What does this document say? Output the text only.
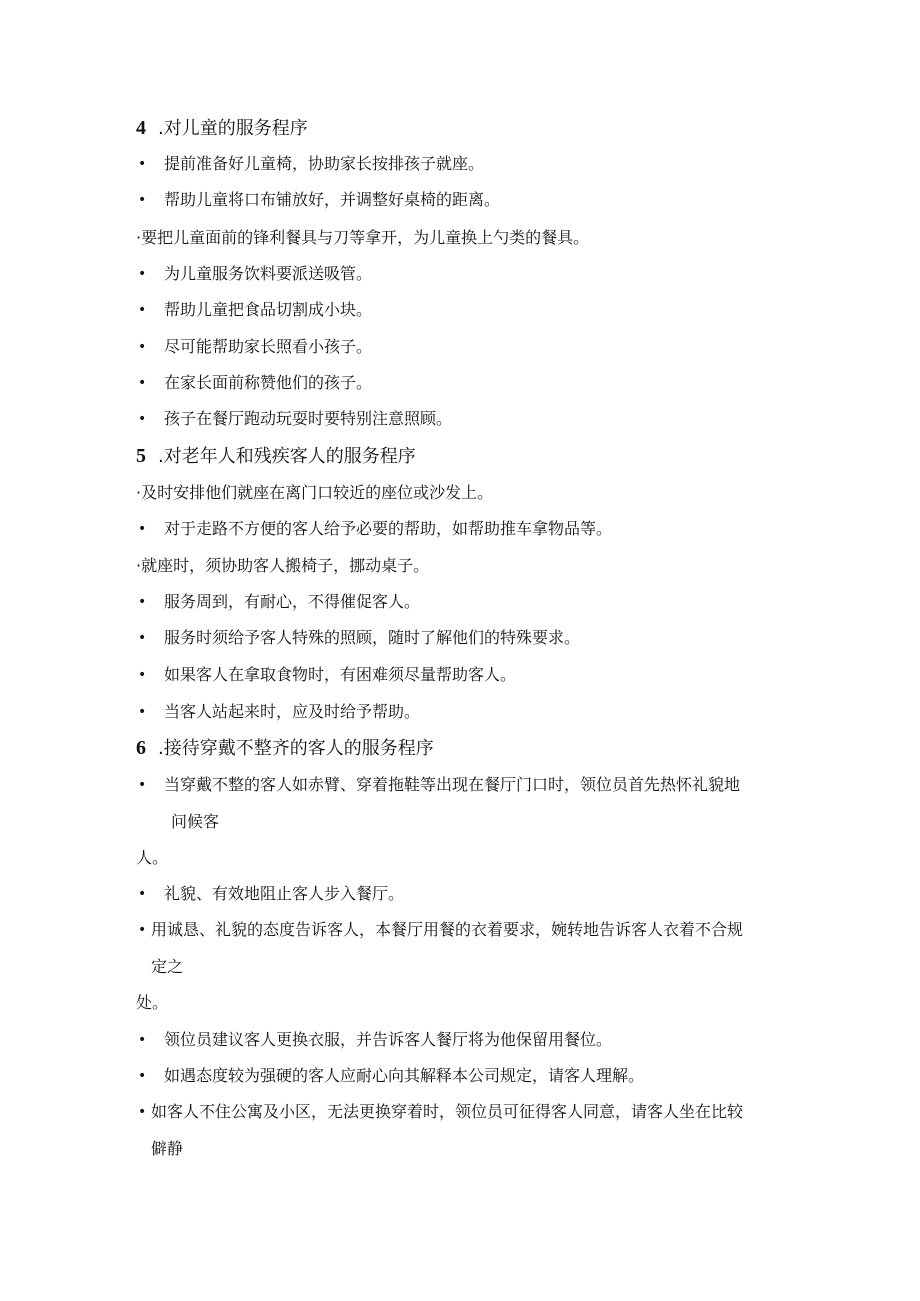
4 .对儿童的服务程序
• 提前准备好儿童椅，协助家长按排孩子就座。
• 帮助儿童将口布铺放好，并调整好桌椅的距离。
·要把儿童面前的锋利餐具与刀等拿开，为儿童换上勺类的餐具。
• 为儿童服务饮料要派送吸管。
• 帮助儿童把食品切割成小块。
• 尽可能帮助家长照看小孩子。
• 在家长面前称赞他们的孩子。
• 孩子在餐厅跑动玩耍时要特别注意照顾。
5 .对老年人和残疾客人的服务程序
·及时安排他们就座在离门口较近的座位或沙发上。
• 对于走路不方便的客人给予必要的帮助，如帮助推车拿物品等。
·就座时，须协助客人搬椅子，挪动桌子。
• 服务周到，有耐心，不得催促客人。
• 服务时须给予客人特殊的照顾，随时了解他们的特殊要求。
• 如果客人在拿取食物时，有困难须尽量帮助客人。
• 当客人站起来时，应及时给予帮助。
6 .接待穿戴不整齐的客人的服务程序
• 当穿戴不整的客人如赤臂、穿着拖鞋等出现在餐厅门口时，领位员首先热怀礼貌地
问候客
人。
• 礼貌、有效地阻止客人步入餐厅。
• 用诚恳、礼貌的态度告诉客人，本餐厅用餐的衣着要求，婉转地告诉客人衣着不合规
定之
处。
• 领位员建议客人更换衣服，并告诉客人餐厅将为他保留用餐位。
• 如遇态度较为强硬的客人应耐心向其解释本公司规定，请客人理解。
• 如客人不住公寓及小区，无法更换穿着时，领位员可征得客人同意，请客人坐在比较
僻静
